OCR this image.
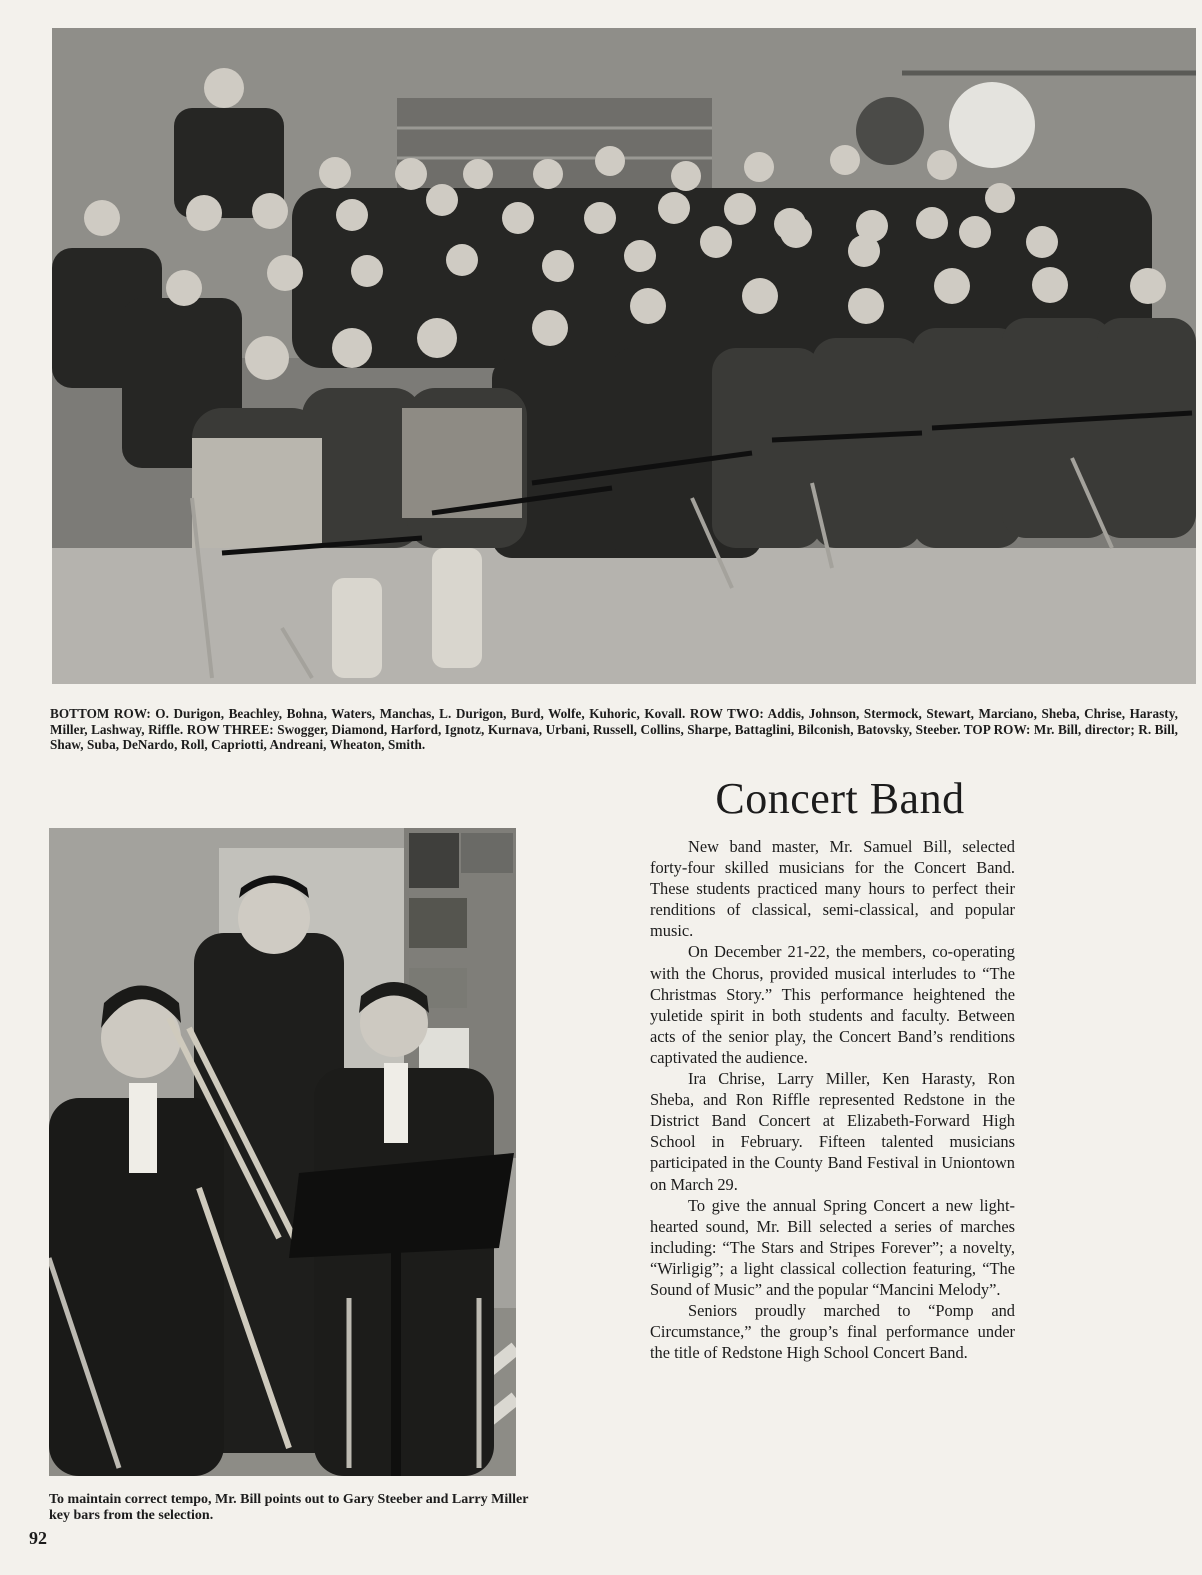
BOTTOM ROW: O. Durigon, Beachley, Bohna, Waters, Manchas, L. Durigon, Burd, Wolfe, Kuhoric, Kovall. ROW TWO: Addis, Johnson, Stermock, Stewart, Marciano, Sheba, Chrise, Harasty, Miller, Lashway, Riffle. ROW THREE: Swogger, Diamond, Harford, Ignotz, Kurnava, Urbani, Russell, Collins, Sharpe, Battaglini, Bilconish, Batovsky, Steeber. TOP ROW: Mr. Bill, director; R. Bill, Shaw, Suba, DeNardo, Roll, Capriotti, Andreani, Wheaton, Smith.
Concert Band

New band master, Mr. Samuel Bill, selected forty-four skilled musicians for the Concert Band. These students practiced many hours to perfect their renditions of classical, semi-classical, and popular music.

On December 21-22, the members, co-operating with the Chorus, provided musical interludes to “The Christmas Story.” This performance heightened the yuletide spirit in both students and faculty. Between acts of the senior play, the Concert Band’s renditions captivated the audience.

Ira Chrise, Larry Miller, Ken Harasty, Ron Sheba, and Ron Riffle represented Redstone in the District Band Concert at Elizabeth-Forward High School in February. Fifteen talented musicians participated in the County Band Festival in Uniontown on March 29.

To give the annual Spring Concert a new light-hearted sound, Mr. Bill selected a series of marches including: “The Stars and Stripes Forever”; a novelty, “Wirligig”; a light classical collection featuring, “The Sound of Music” and the popular “Mancini Melody”.

Seniors proudly marched to “Pomp and Circumstance,” the group’s final performance under the title of Redstone High School Concert Band.

To maintain correct tempo, Mr. Bill points out to Gary Steeber and Larry Miller key bars from the selection.
92
